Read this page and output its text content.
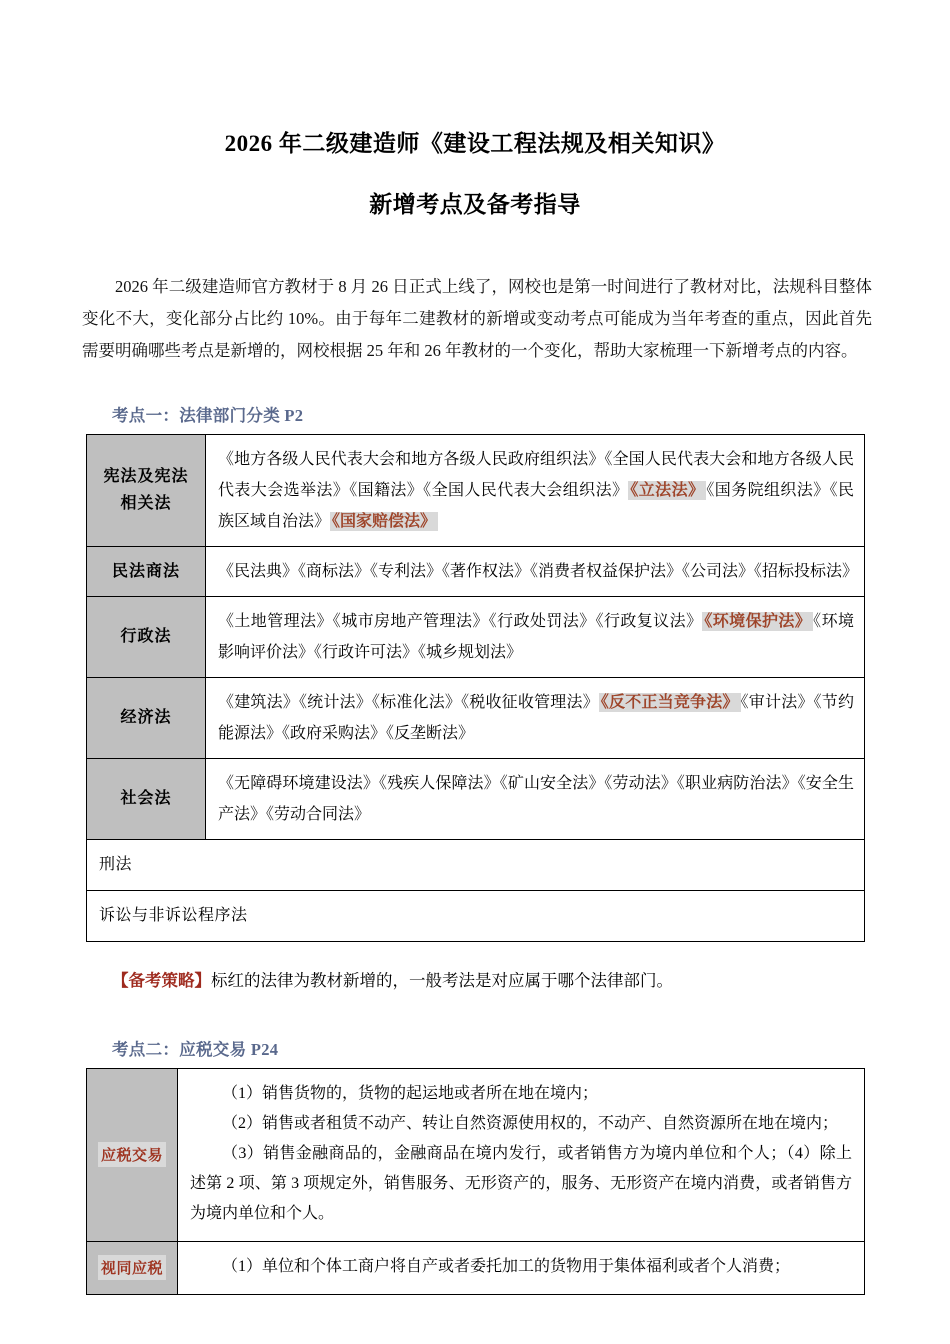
2026 年二级建造师《建设工程法规及相关知识》
新增考点及备考指导

2026 年二级建造师官方教材于 8 月 26 日正式上线了，网校也是第一时间进行了教材对比，法规科目整体变化不大，变化部分占比约 10%。由于每年二建教材的新增或变动考点可能成为当年考查的重点，因此首先需要明确哪些考点是新增的，网校根据 25 年和 26 年教材的一个变化，帮助大家梳理一下新增考点的内容。

考点一：法律部门分类 P2
宪法及宪法
相关法	《地方各级人民代表大会和地方各级人民政府组织法》《全国人民代表大会和地方各级人民代表大会选举法》《国籍法》《全国人民代表大会组织法》 《立法法》 《国务院组织法》《民族区域自治法》 《国家赔偿法》
民法商法	《民法典》《商标法》《专利法》《著作权法》《消费者权益保护法》《公司法》《招标投标法》
行政法	《土地管理法》《城市房地产管理法》《行政处罚法》《行政复议法》 《环境保护法》 《环境影响评价法》《行政许可法》《城乡规划法》
经济法	《建筑法》《统计法》《标准化法》《税收征收管理法》 《反不正当竞争法》 《审计法》《节约能源法》《政府采购法》《反垄断法》
社会法	《无障碍环境建设法》《残疾人保障法》《矿山安全法》《劳动法》《职业病防治法》《安全生产法》《劳动合同法》
刑法	
诉讼与非诉讼程序法	
【备考策略】标红的法律为教材新增的，一般考法是对应属于哪个法律部门。
考点二：应税交易 P24
应税交易	（1）销售货物的，货物的起运地或者所在地在境内；

（2）销售或者租赁不动产、转让自然资源使用权的，不动产、自然资源所在地在境内；

（3）销售金融商品的，金融商品在境内发行，或者销售方为境内单位和个人；（4）除上述第 2 项、第 3 项规定外，销售服务、无形资产的，服务、无形资产在境内消费，或者销售方为境内单位和个人。

视同应税	（1）单位和个体工商户将自产或者委托加工的货物用于集体福利或者个人消费；
